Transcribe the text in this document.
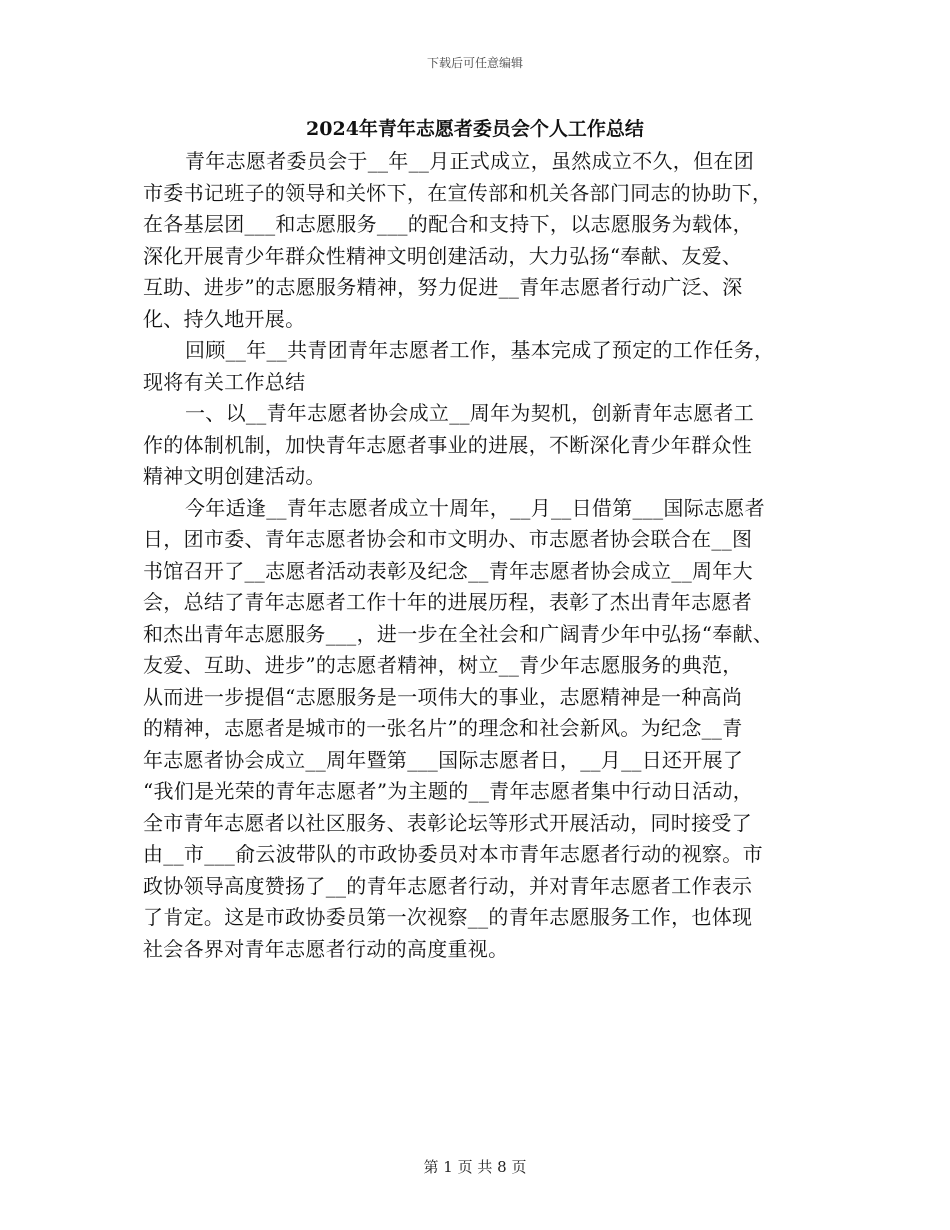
下载后可任意编辑
2024年青年志愿者委员会个人工作总结
青年志愿者委员会于__年__月正式成立，虽然成立不久，但在团
市委书记班子的领导和关怀下，在宣传部和机关各部门同志的协助下，
在各基层团___和志愿服务___的配合和支持下，以志愿服务为载体，
深化开展青少年群众性精神文明创建活动，大力弘扬“奉献、友爱、
互助、进步”的志愿服务精神，努力促进__青年志愿者行动广泛、深
化、持久地开展。
回顾__年__共青团青年志愿者工作，基本完成了预定的工作任务，
现将有关工作总结
一、以__青年志愿者协会成立__周年为契机，创新青年志愿者工
作的体制机制，加快青年志愿者事业的进展，不断深化青少年群众性
精神文明创建活动。
今年适逢__青年志愿者成立十周年，__月__日借第___国际志愿者
日，团市委、青年志愿者协会和市文明办、市志愿者协会联合在__图
书馆召开了__志愿者活动表彰及纪念__青年志愿者协会成立__周年大
会，总结了青年志愿者工作十年的进展历程，表彰了杰出青年志愿者
和杰出青年志愿服务___，进一步在全社会和广阔青少年中弘扬“奉献、
友爱、互助、进步”的志愿者精神，树立__青少年志愿服务的典范，
从而进一步提倡“志愿服务是一项伟大的事业，志愿精神是一种高尚
的精神，志愿者是城市的一张名片”的理念和社会新风。为纪念__青
年志愿者协会成立__周年暨第___国际志愿者日，__月__日还开展了
“我们是光荣的青年志愿者”为主题的__青年志愿者集中行动日活动，
全市青年志愿者以社区服务、表彰论坛等形式开展活动，同时接受了
由__市___俞云波带队的市政协委员对本市青年志愿者行动的视察。市
政协领导高度赞扬了__的青年志愿者行动，并对青年志愿者工作表示
了肯定。这是市政协委员第一次视察__的青年志愿服务工作，也体现
社会各界对青年志愿者行动的高度重视。
第 1 页 共 8 页
